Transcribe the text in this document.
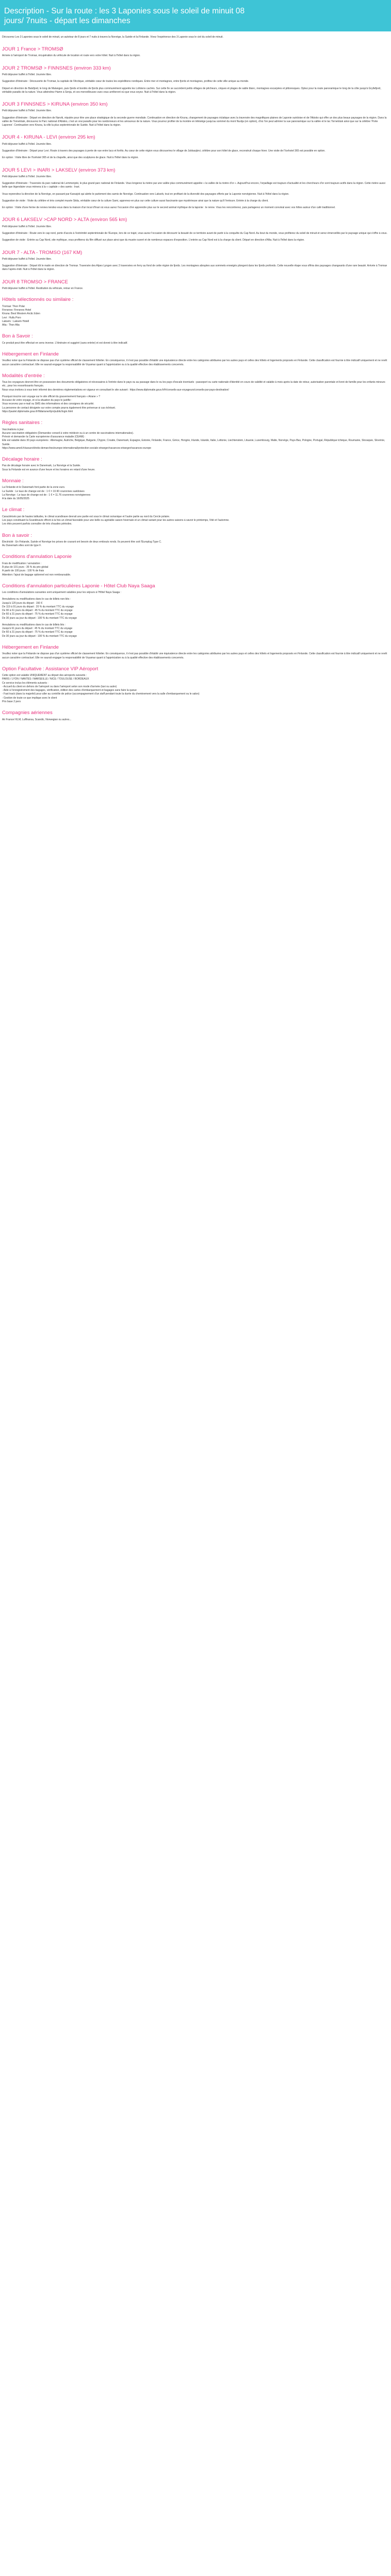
Description - Sur la route : les 3 Laponies sous le soleil de minuit 08
jours/ 7nuits - départ les dimanches

Découvrez Les 3 Laponies sous le soleil de minuit, un autotour de 8 jours et 7 nuits à travers la Norvège, la Suède et la Finlande. Vivez l'expérience des 3 Laponie sous le ciel du soleil de minuit.

JOUR 1 France > TROMSØ

Arrivée à l'aéroport de Tromsø, récupération du véhicule de location et route vers votre hôtel. Nuit à l'hôtel dans la région.

JOUR 2 TROMSØ > FINNSNES (environ 333 km)

Petit déjeuner buffet à l'hôtel. Journée libre.

Suggestion d'itinéraire : Découverte de Tromsø, la capitale de l'Arctique, véritable cœur de toutes les expéditions nordiques. Entre mer et montagnes, entre fjords et montagnes, profitez de cette ville unique au monde.

Départ en direction de Balsfjord, le long de Malangen, puis fjords et bordés de fjords plus communément appelés les Lofotens cachés. Sur cette île se succèdent petits villages de pêcheurs, criques et plages de sable blanc, montagnes escarpées et pittoresques. Optez pour la route panoramique le long de la côte jusqu'à Gryllefjord, véritable paradis de la nature. Vous atteindrez Hamn à Senja, et ces merveilleuses vues vous arrêteront où que vous soyez. Nuit à l'hôtel dans la région.

JOUR 3 FINNSNES > KIRUNA (environ 350 km)

Petit déjeuner buffet à l'hôtel. Journée libre.

Suggestion d'itinéraire : Départ en direction de Narvik, réputée pour être une place stratégique de la seconde guerre mondiale. Continuation en direction de Kiruna, changement de paysages éclatique avec la traversée des magnifiques plaines de Laponie suédoise et de l'Abisko qui offre un des plus beaux paysages de la région. Dans la vallée de Torneträsk, découvrez le Parc national d'Abisko, c'est un vrai paradis pour les randonneurs et les amoureux de la nature. Vous pourrez profiter de la montée en télésiège jusqu'au sommet du mont Nuolja (en option), d'où l'on peut admirer la vue panoramique sur la vallée et le lac Torneträsk ainsi que sur la célèbre 'Porte Laponne'. Continuation vers Kiruna, la ville la plus septentrionale de Suède. Nuit à l'hôtel dans la région.

JOUR 4 - KIRUNA - LEVI (environ 295 km)

Petit déjeuner buffet à l'hôtel. Journée libre.

Suggestion d'itinéraire : Départ pour Levi. Route à travers des paysages à perte de vue entre lacs et forêts. Au cœur de cette région vous découvrirez le village de Jukkasjärvi, célèbre pour son hôtel de glace, reconstruit chaque hiver. Une visite de l'Icehotel 365 est possible en option.

En option : Visite libre de l'Icehotel 365 et de la chapelle, ainsi que des sculptures de glace. Nuit à l'hôtel dans la région.

JOUR 5 LEVI > INARI > LAKSELV (environ 373 km)

Petit déjeuner buffet à l'hôtel. Journée libre.

Suggestion d'itinéraire : Traversée du parc national de Lemmenjoki, le plus grand parc national de Finlande. Vous longerez la rivière par une vallée plus communément appelée « la vallée de la rivière d'or ». Aujourd'hui encore, l'orpaillage est toujours d'actualité et les chercheurs d'or sont toujours actifs dans la région. Cette rivière aussi belle que légendaire vous mènera à la « capitale » des samis : Inari.

Vous reprendrez la direction de la Norvège, en passant par Karasjok qui abrite le parlement des samis de Norvège. Continuation vers Lakselv, tout en profitant de la diversité des paysages offerts par la Laponie norvégienne. Nuit à l'hôtel dans la région.

Suggestion de visite : Visite du célèbre et très complet musée Siida, véritable cœur de la culture Sami, apprenez-en plus sur cette culture aussi fascinante que mystérieuse ainsi que la nature qu'il l'entoure. Entrée à la charge du client.

En option : Visite d'une ferme de rennes tendez-vous dans la maison d'un local d'Inari où vous aurez l'occasion d'en apprendre plus sur le second animal mythique de la laponie : le renne. Vous les rencontrerez, puis partagerez un moment convivial avec vos hôtes autour d'un café traditionnel.

JOUR 6 LAKSELV >CAP NORD > ALTA (environ 565 km)

Petit déjeuner buffet à l'hôtel. Journée libre.

Suggestion d'itinéraire : Route vers le cap nord, porte d'accès à l'extrémité septentrionale de l'Europe, lors de ce trajet, vous aurez l'occasion de découvrir la beauté de ce territoire avant de partir à la conquête du Cap Nord. Au bout du monde, vous profiterez du soleil de minuit et serez émerveillés par le paysage unique qui s'offre à vous.

Suggestion de visite : Entrée au Cap Nord, site mythique, vous profiterez du film diffusé sur place ainsi que du musée ouvert et de nombreux espaces d'exposition. L'entrée au Cap Nord est à la charge du client. Départ en direction d'Alta. Nuit à l'hôtel dans la région.

JOUR 7 - ALTA - TROMSO (167 KM)

Petit déjeuner buffet à l'hôtel. Journée libre.

Suggestion d'itinéraire : Départ tôt le matin en direction de Tromsø. Traversée des Alpes Lyngen avec 2 traversées en ferry au fond de cette région de fjords. Les montagnes abruptes aux sommets enneigés plongent dans les fjords profonds. Cette nouvelle étape vous offrira des paysages changeants d'une rare beauté. Arrivée à Tromsø dans l'après-midi. Nuit à l'hôtel dans la région.

JOUR 8 TROMSO > FRANCE

Petit déjeuner buffet à l'hôtel. Restitution du véhicule, retour en France.

Hôtels sélectionnés ou similaire :
Tromsø: Thon Polar
Finnsnes: Finnsnes Hotel
Kiruna: Best Western Arctic Eden
Levi : Hullu Poro
Lakselv : Lakselv Hotell
Alta : Thon Alta
Bon à Savoir :
Ce produit peut être effectué en sens inverse. L'itinéraire et suggéré (sans entrée) et est donné à titre indicatif.
Hébergement en Finlande
Veuillez noter que la Finlande ne dispose pas d'un système officiel de classement hôtelier. En conséquence, il n'est pas possible d'établir une équivalence directe entre les catégories attribuées par les autres pays et celles des hôtels et logements proposés en Finlande. Cette classification est fournie à titre indicatif uniquement et ne revêt aucun caractère contractuel. Elle ne saurait engager la responsabilité de Voyamar quant à l'appréciation ou à la qualité effective des établissements concernés.
Modalités d'entrée :
Tous les voyageurs devront être en possession des documents obligatoires et nécessaires à l'entrée dans le pays ou au passage dans le ou les pays d'escale éventuels : passeport ou carte nationale d'identité en cours de validité et valable à mois après la date de retour, autorisation parentale et livret de famille pour les enfants mineurs etc...pour les ressortissants français.
Nous vous invitons à vous tenir informé des dernières réglementations en vigueur en consultant le site suivant : https://www.diplomatie.gouv.fr/fr/conseils-aux-voyageurs/conseils-par-pays-destination/
Pourquoi inscrire son voyage sur le site officiel du gouvernement français « Ariane » ?
Accusez de votre voyage, et si la situation du pays le justifie :
Vous recevrez par e-mail ou SMS des informations et des consignes de sécurité.
La personne de contact désignée sur votre compte pourra également être prévenue si cas échéant.
https://pastel.diplomatie.gouv.fr/fildariane/dyn/public/login.html
Règles sanitaires :
Vaccinations à jour.
Aucune vaccination obligatoire (Demandez conseil à votre médecin ou à un centre de vaccinations internationales).
Prévoir et demander la Carte européenne d'assurance maladie (CEAM) :
Elle est valable dans 30 pays européens : Allemagne, Autriche, Belgique, Bulgarie, Chypre, Croatie, Danemark, Espagne, Estonie, Finlande, France, Grèce, Hongrie, Irlande, Islande, Italie, Lettonie, Liechtenstein, Lituanie, Luxembourg, Malte, Norvège, Pays-Bas, Pologne, Portugal, République tchèque, Roumanie, Slovaquie, Slovénie, Suède.
https://www.ameli.fr/assure/droits-demarches/europe-international/protection-sociale-etranger/vacances-etranger/vacances-europe
Décalage horaire :
Pas de décalage horaire avec le Danemark, La Norvège et la Suède.
Sous la Finlande est en avance d'une heure et les horaires en retard d'une heure.
Monnaie :
La Finlande et le Danemark font partie de la zone euro.
La Suède : Le taux de change est de : 1 € = 10.90 couronnes suédoises
La Norvège : Le taux de change est de : 1 € = 11.76 couronnes norvégiennes
A la date du 16/05/2025
Le climat :
Caractérisés par de hautes latitudes, le climat scandinave devrait une partie est sous le climat océanique et l'autre partie au nord du Cercle polaire.
Les pays constituant la Scandinavie offrent à la fois un climat favorable pour une belle ou agréable saison hivernale et un climat variant pour les autres saisons à savoir le printemps, l'été et l'automne.
Les étés peuvent parfois connaître de très chaudes périodes.
Bon à savoir :
Électricité : En Finlande, Suède et Norvège les prises de courant ont besoin de deux embouts ronds. Ils peuvent être soit l'Europlug Type C.
Au Danemark elles sont de type F.
Conditions d'annulation Laponie
Frais de modification / annulation :
À plus de 101 jours : 35 % du prix global
À partir de 100 jours : 100 % de frais
Attention: l'ajout de bagage optionnel est non remboursable.
Conditions d'annulation particulières Laponie - Hôtel Club Naya Saaga
Les conditions d'annulations suivantes sont uniquement valables pour les séjours à l'Hôtel Naya Saaga :
Annulations ou modifications dans le cas de billets non-liés :
Jusqu'à 120 jours du départ : 150 €
De 119 à 91 jours du départ : 20 % du montant TTC du voyage
De 90 à 61 jours du départ : 45 % du montant TTC du voyage
De 60 à 31 jours du départ : 75 % du montant TTC du voyage
De 30 jours au jour du départ : 100 % du montant TTC du voyage
Annulations ou modifications dans le cas de billets liés :
Jusqu'à 61 jours du départ : 45 % du montant TTC du voyage
De 60 à 31 jours du départ : 75 % du montant TTC du voyage
De 30 jours au jour du départ : 100 % du montant TTC du voyage
Hébergement en Finlande
Veuillez noter que la Finlande ne dispose pas d'un système officiel de classement hôtelier. En conséquence, il n'est pas possible d'établir une équivalence directe entre les catégories attribuées par les autres pays et celles des hôtels et logements proposés en Finlande. Cette classification est fournie à titre indicatif uniquement et ne revêt aucun caractère contractuel. Elle ne saurait engager la responsabilité de Voyamar quant à l'appréciation ou à la qualité effective des établissements concernés.
Option Facultative : Assistance VIP Aéroport
Cette option est valable UNIQUEMENT au départ des aéroports suivants :
PARIS / LYON / NANTES / MARSEILLE / NICE / TOULOUSE / BORDEAUX
Ce service inclus les éléments suivants :
- Accueil du client en dehors de l'aéroport ou dans l'aéroport selon son mode d'arrivée (taxi ou autre)
- Aide à l'enregistrement des bagages, vérification, édition des cartes d'embarquement et bagages sans faire la queue
- Fast track (dans la majorité) pour aller au contrôle de police (accompagnement d'un staff pendant toute la durée du cheminement vers la salle d'embarquement ou le salon)
- Gestion de toute ce que implique avec le client
Prix base 2 pers
Compagnies aériennes
Air France/ KLM, Lufthansa, Scandic, Norwegian ou autres...
